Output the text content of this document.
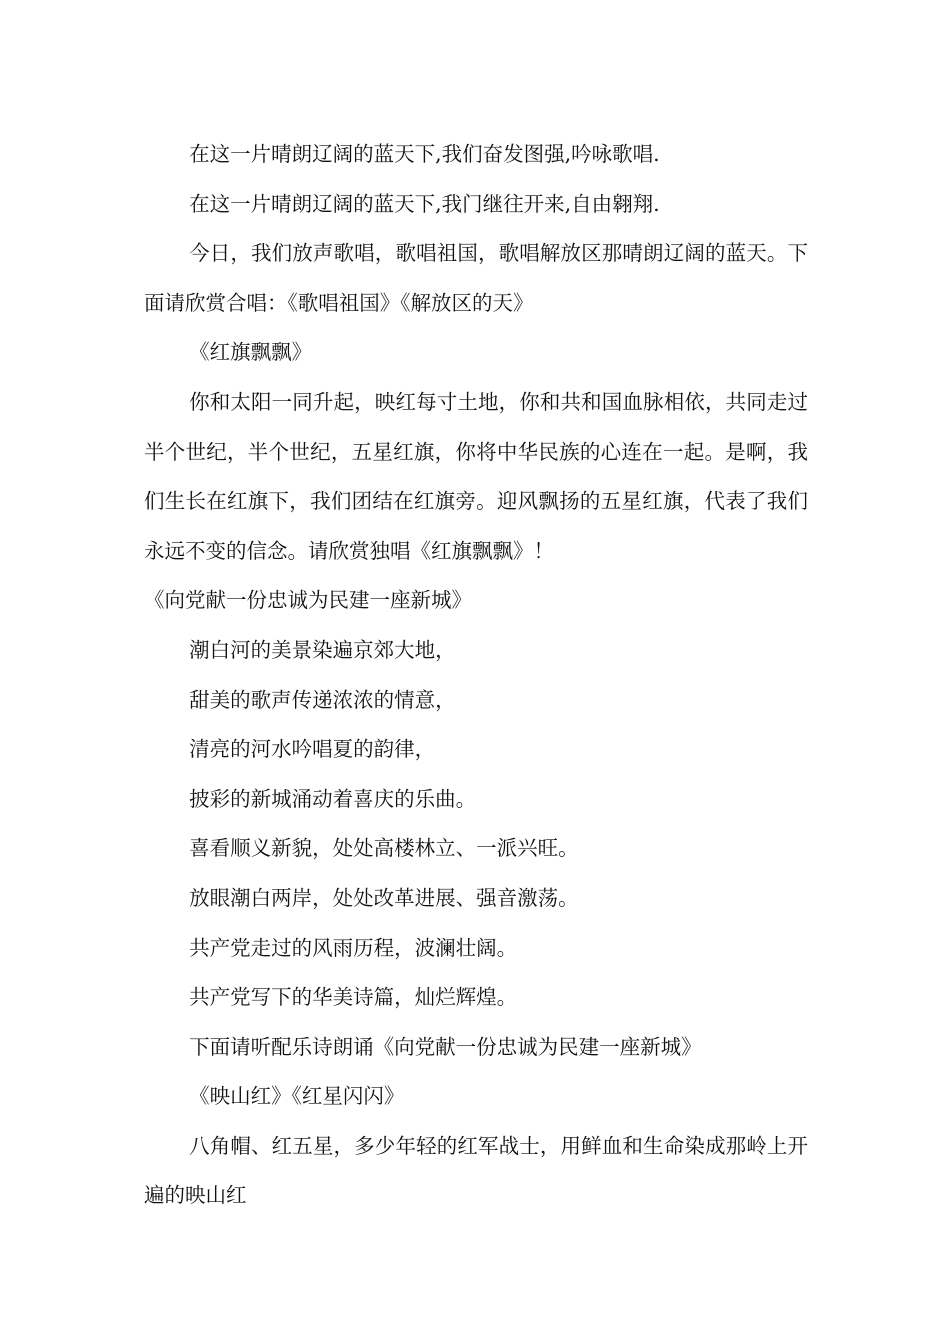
在这一片晴朗辽阔的蓝天下,我们奋发图强,吟咏歌唱.

在这一片晴朗辽阔的蓝天下,我门继往开来,自由翱翔.

今日，我们放声歌唱，歌唱祖国，歌唱解放区那晴朗辽阔的蓝天。下面请欣赏合唱：《歌唱祖国》《解放区的天》

《红旗飘飘》

你和太阳一同升起，映红每寸土地，你和共和国血脉相依，共同走过半个世纪，半个世纪，五星红旗，你将中华民族的心连在一起。是啊，我们生长在红旗下，我们团结在红旗旁。迎风飘扬的五星红旗，代表了我们永远不变的信念。请欣赏独唱《红旗飘飘》！

《向党献一份忠诚为民建一座新城》

潮白河的美景染遍京郊大地，

甜美的歌声传递浓浓的情意，

清亮的河水吟唱夏的韵律，

披彩的新城涌动着喜庆的乐曲。

喜看顺义新貌，处处高楼林立、一派兴旺。

放眼潮白两岸，处处改革进展、强音激荡。

共产党走过的风雨历程，波澜壮阔。

共产党写下的华美诗篇，灿烂辉煌。

下面请听配乐诗朗诵《向党献一份忠诚为民建一座新城》

《映山红》《红星闪闪》

八角帽、红五星，多少年轻的红军战士，用鲜血和生命染成那岭上开遍的映山红
